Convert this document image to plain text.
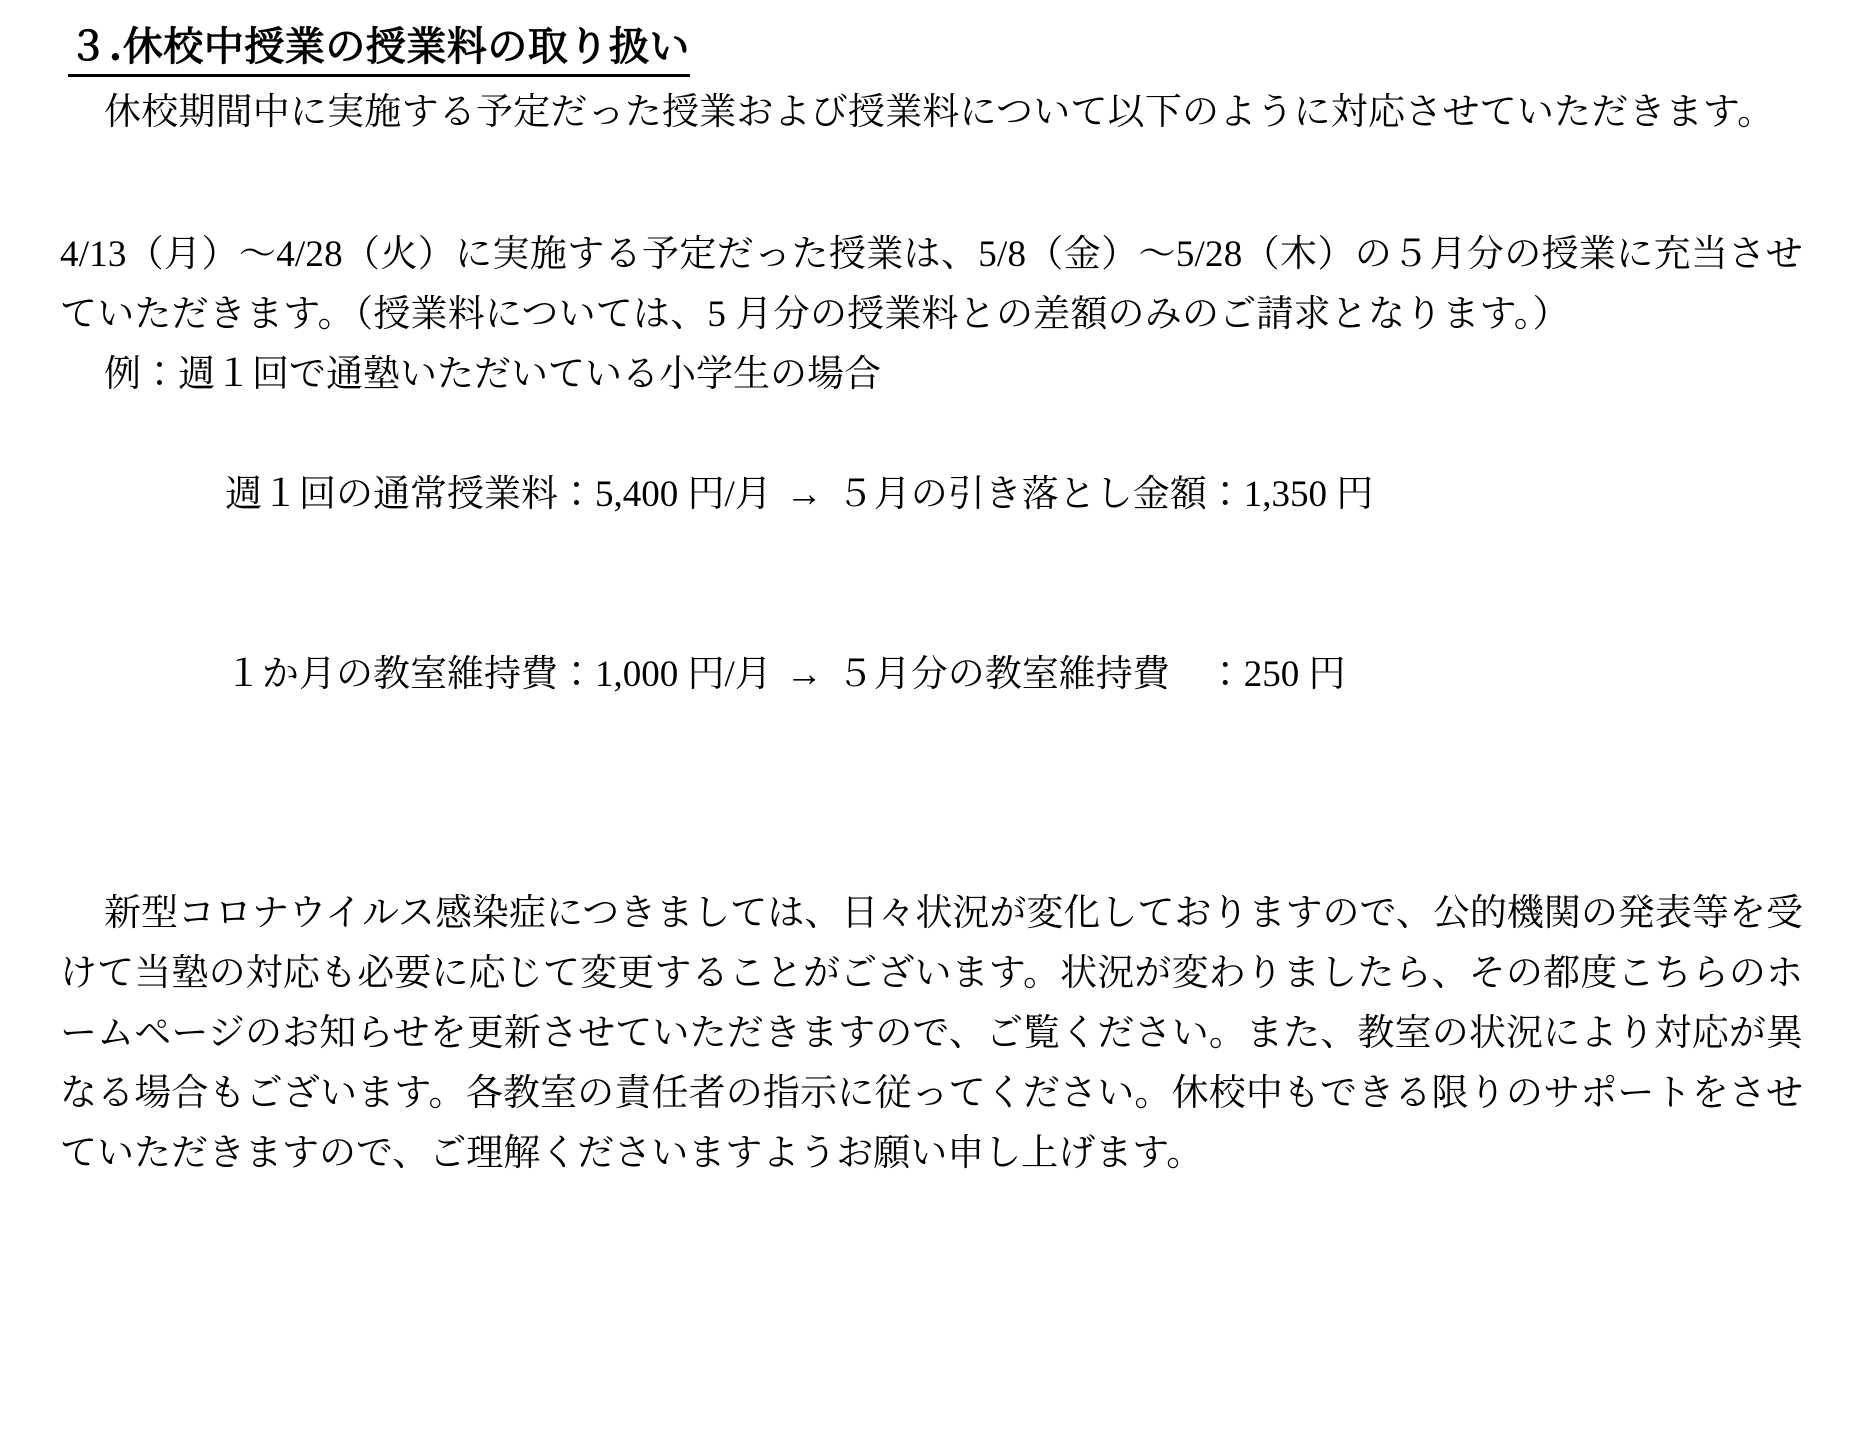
３.休校中授業の授業料の取り扱い

休校期間中に実施する予定だった授業および授業料について以下のように対応させていただきます。

4/13（月）～4/28（火）に実施する予定だった授業は、5/8（金）～5/28（木）の５月分の授業に充当させていただきます。（授業料については、5 月分の授業料との差額のみのご請求となります。）

例：週１回で通塾いただいている小学生の場合

週１回の通常授業料：5,400 円/月 → ５月の引き落とし金額：1,350 円

１か月の教室維持費：1,000 円/月 → ５月分の教室維持費　：250 円

新型コロナウイルス感染症につきましては、日々状況が変化しておりますので、公的機関の発表等を受けて当塾の対応も必要に応じて変更することがございます。状況が変わりましたら、その都度こちらのホームページのお知らせを更新させていただきますので、ご覧ください。また、教室の状況により対応が異なる場合もございます。各教室の責任者の指示に従ってください。休校中もできる限りのサポートをさせていただきますので、ご理解くださいますようお願い申し上げます。
